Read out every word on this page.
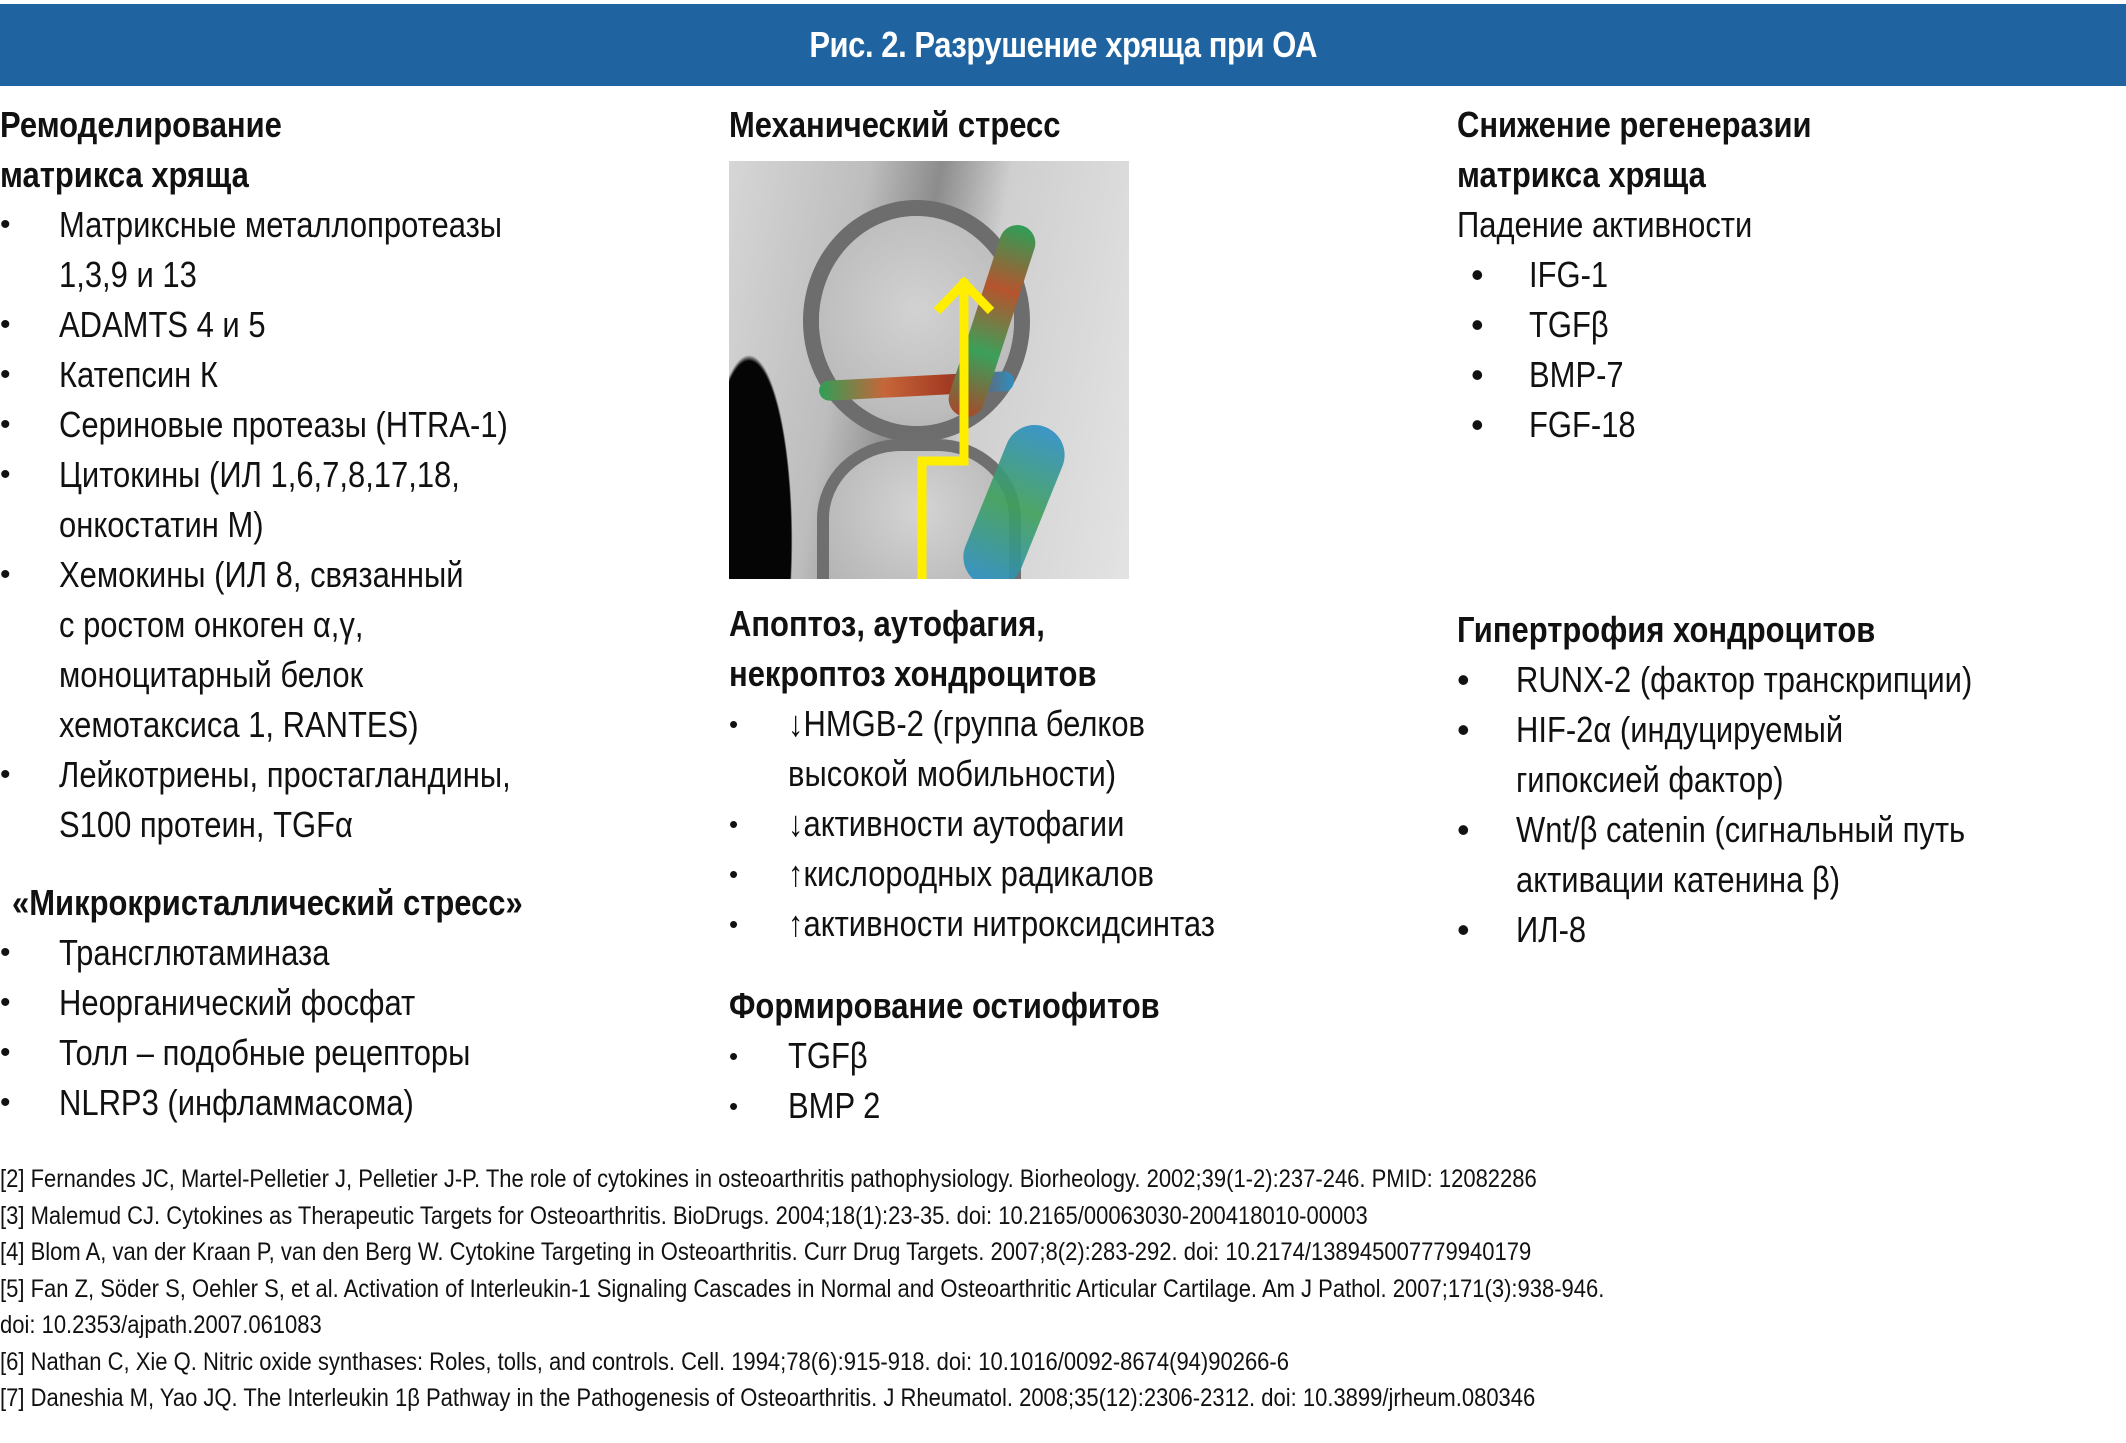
Рис. 2. Разрушение хряща при ОА

Ремоделирование

матрикса хряща

• Матриксные металлопротеазы
1,3,9 и 13
• ADAMTS 4 и 5
• Катепсин К
• Сериновые протеазы (HTRA-1)
• Цитокины (ИЛ 1,6,7,8,17,18,
онкостатин М)
• Хемокины (ИЛ 8, связанный
с ростом онкоген α,γ,
моноцитарный белок
хемотаксиса 1, RANTES)
• Лейкотриены, простагландины,
S100 протеин, TGFα

«Микрокристаллический стресс»

• Трансглютаминаза
• Неорганический фосфат
• Толл – подобные рецепторы
• NLRP3 (инфламмасома)

Механический стресс

Апоптоз, аутофагия,

некроптоз хондроцитов

• ↓HMGB-2 (группа белков
высокой мобильности)
• ↓активности аутофагии
• ↑кислородных радикалов
• ↑активности нитроксидсинтаз

Формирование остиофитов

• TGFβ
• BMP 2

Снижение регенеразии

матрикса хряща

Падение активности

• IFG-1
• TGFβ
• BMP-7
• FGF-18

Гипертрофия хондроцитов

• RUNX-2 (фактор транскрипции)
• HIF-2α (индуцируемый
гипоксией фактор)
• Wnt/β catenin (сигнальный путь
активации катенина β)
• ИЛ-8

[2] Fernandes JC, Martel-Pelletier J, Pelletier J-P. The role of cytokines in osteoarthritis pathophysiology. Biorheology. 2002;39(1-2):237-246. PMID: 12082286

[3] Malemud CJ. Cytokines as Therapeutic Targets for Osteoarthritis. BioDrugs. 2004;18(1):23-35. doi: 10.2165/00063030-200418010-00003

[4] Blom A, van der Kraan P, van den Berg W. Cytokine Targeting in Osteoarthritis. Curr Drug Targets. 2007;8(2):283-292. doi: 10.2174/138945007779940179

[5] Fan Z, Söder S, Oehler S, et al. Activation of Interleukin-1 Signaling Cascades in Normal and Osteoarthritic Articular Cartilage. Am J Pathol. 2007;171(3):938-946.

doi: 10.2353/ajpath.2007.061083

[6] Nathan C, Xie Q. Nitric oxide synthases: Roles, tolls, and controls. Cell. 1994;78(6):915-918. doi: 10.1016/0092-8674(94)90266-6

[7] Daneshia M, Yao JQ. The Interleukin 1β Pathway in the Pathogenesis of Osteoarthritis. J Rheumatol. 2008;35(12):2306-2312. doi: 10.3899/jrheum.080346
